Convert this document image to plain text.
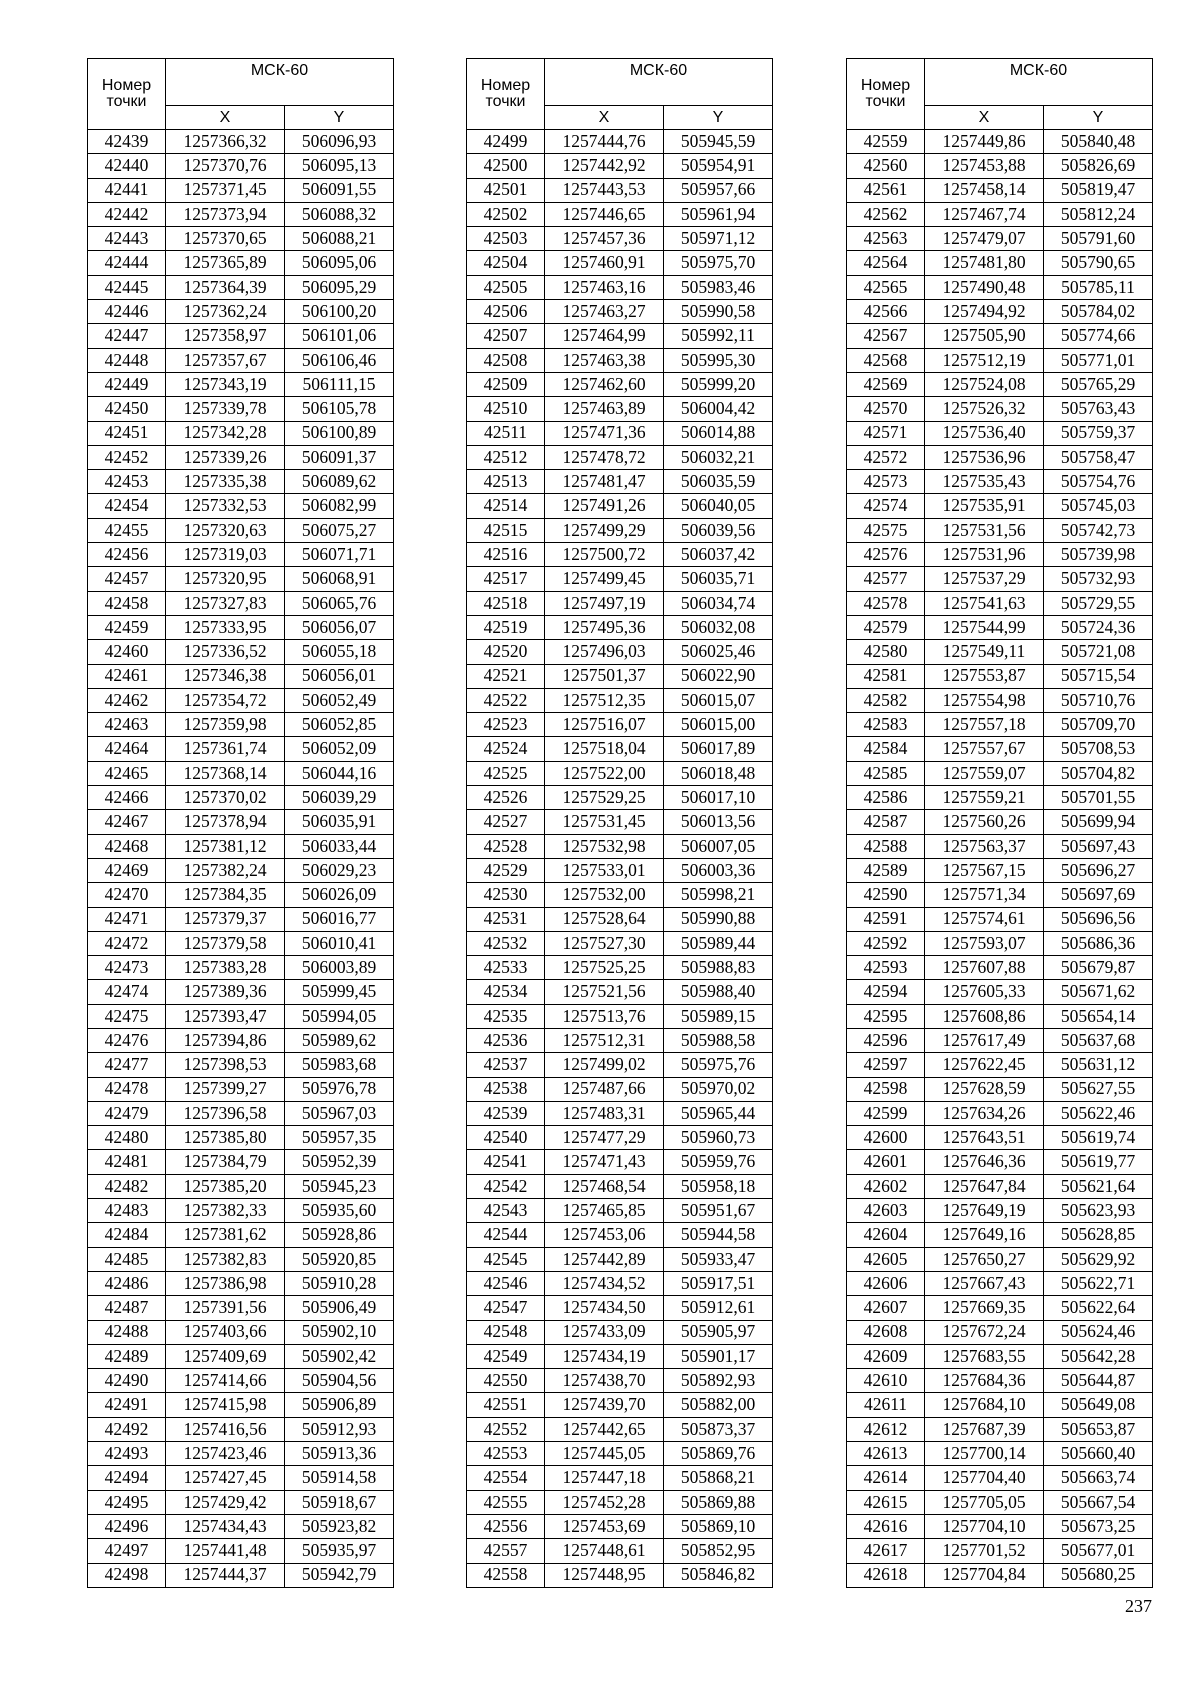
Номер точки	МСК-60	
	X	Y
42439	1257366,32	506096,93
42440	1257370,76	506095,13
42441	1257371,45	506091,55
42442	1257373,94	506088,32
42443	1257370,65	506088,21
42444	1257365,89	506095,06
42445	1257364,39	506095,29
42446	1257362,24	506100,20
42447	1257358,97	506101,06
42448	1257357,67	506106,46
42449	1257343,19	506111,15
42450	1257339,78	506105,78
42451	1257342,28	506100,89
42452	1257339,26	506091,37
42453	1257335,38	506089,62
42454	1257332,53	506082,99
42455	1257320,63	506075,27
42456	1257319,03	506071,71
42457	1257320,95	506068,91
42458	1257327,83	506065,76
42459	1257333,95	506056,07
42460	1257336,52	506055,18
42461	1257346,38	506056,01
42462	1257354,72	506052,49
42463	1257359,98	506052,85
42464	1257361,74	506052,09
42465	1257368,14	506044,16
42466	1257370,02	506039,29
42467	1257378,94	506035,91
42468	1257381,12	506033,44
42469	1257382,24	506029,23
42470	1257384,35	506026,09
42471	1257379,37	506016,77
42472	1257379,58	506010,41
42473	1257383,28	506003,89
42474	1257389,36	505999,45
42475	1257393,47	505994,05
42476	1257394,86	505989,62
42477	1257398,53	505983,68
42478	1257399,27	505976,78
42479	1257396,58	505967,03
42480	1257385,80	505957,35
42481	1257384,79	505952,39
42482	1257385,20	505945,23
42483	1257382,33	505935,60
42484	1257381,62	505928,86
42485	1257382,83	505920,85
42486	1257386,98	505910,28
42487	1257391,56	505906,49
42488	1257403,66	505902,10
42489	1257409,69	505902,42
42490	1257414,66	505904,56
42491	1257415,98	505906,89
42492	1257416,56	505912,93
42493	1257423,46	505913,36
42494	1257427,45	505914,58
42495	1257429,42	505918,67
42496	1257434,43	505923,82
42497	1257441,48	505935,97
42498	1257444,37	505942,79
Номер точки	МСК-60	
	X	Y
42499	1257444,76	505945,59
42500	1257442,92	505954,91
42501	1257443,53	505957,66
42502	1257446,65	505961,94
42503	1257457,36	505971,12
42504	1257460,91	505975,70
42505	1257463,16	505983,46
42506	1257463,27	505990,58
42507	1257464,99	505992,11
42508	1257463,38	505995,30
42509	1257462,60	505999,20
42510	1257463,89	506004,42
42511	1257471,36	506014,88
42512	1257478,72	506032,21
42513	1257481,47	506035,59
42514	1257491,26	506040,05
42515	1257499,29	506039,56
42516	1257500,72	506037,42
42517	1257499,45	506035,71
42518	1257497,19	506034,74
42519	1257495,36	506032,08
42520	1257496,03	506025,46
42521	1257501,37	506022,90
42522	1257512,35	506015,07
42523	1257516,07	506015,00
42524	1257518,04	506017,89
42525	1257522,00	506018,48
42526	1257529,25	506017,10
42527	1257531,45	506013,56
42528	1257532,98	506007,05
42529	1257533,01	506003,36
42530	1257532,00	505998,21
42531	1257528,64	505990,88
42532	1257527,30	505989,44
42533	1257525,25	505988,83
42534	1257521,56	505988,40
42535	1257513,76	505989,15
42536	1257512,31	505988,58
42537	1257499,02	505975,76
42538	1257487,66	505970,02
42539	1257483,31	505965,44
42540	1257477,29	505960,73
42541	1257471,43	505959,76
42542	1257468,54	505958,18
42543	1257465,85	505951,67
42544	1257453,06	505944,58
42545	1257442,89	505933,47
42546	1257434,52	505917,51
42547	1257434,50	505912,61
42548	1257433,09	505905,97
42549	1257434,19	505901,17
42550	1257438,70	505892,93
42551	1257439,70	505882,00
42552	1257442,65	505873,37
42553	1257445,05	505869,76
42554	1257447,18	505868,21
42555	1257452,28	505869,88
42556	1257453,69	505869,10
42557	1257448,61	505852,95
42558	1257448,95	505846,82
Номер точки	МСК-60	
	X	Y
42559	1257449,86	505840,48
42560	1257453,88	505826,69
42561	1257458,14	505819,47
42562	1257467,74	505812,24
42563	1257479,07	505791,60
42564	1257481,80	505790,65
42565	1257490,48	505785,11
42566	1257494,92	505784,02
42567	1257505,90	505774,66
42568	1257512,19	505771,01
42569	1257524,08	505765,29
42570	1257526,32	505763,43
42571	1257536,40	505759,37
42572	1257536,96	505758,47
42573	1257535,43	505754,76
42574	1257535,91	505745,03
42575	1257531,56	505742,73
42576	1257531,96	505739,98
42577	1257537,29	505732,93
42578	1257541,63	505729,55
42579	1257544,99	505724,36
42580	1257549,11	505721,08
42581	1257553,87	505715,54
42582	1257554,98	505710,76
42583	1257557,18	505709,70
42584	1257557,67	505708,53
42585	1257559,07	505704,82
42586	1257559,21	505701,55
42587	1257560,26	505699,94
42588	1257563,37	505697,43
42589	1257567,15	505696,27
42590	1257571,34	505697,69
42591	1257574,61	505696,56
42592	1257593,07	505686,36
42593	1257607,88	505679,87
42594	1257605,33	505671,62
42595	1257608,86	505654,14
42596	1257617,49	505637,68
42597	1257622,45	505631,12
42598	1257628,59	505627,55
42599	1257634,26	505622,46
42600	1257643,51	505619,74
42601	1257646,36	505619,77
42602	1257647,84	505621,64
42603	1257649,19	505623,93
42604	1257649,16	505628,85
42605	1257650,27	505629,92
42606	1257667,43	505622,71
42607	1257669,35	505622,64
42608	1257672,24	505624,46
42609	1257683,55	505642,28
42610	1257684,36	505644,87
42611	1257684,10	505649,08
42612	1257687,39	505653,87
42613	1257700,14	505660,40
42614	1257704,40	505663,74
42615	1257705,05	505667,54
42616	1257704,10	505673,25
42617	1257701,52	505677,01
42618	1257704,84	505680,25
237
